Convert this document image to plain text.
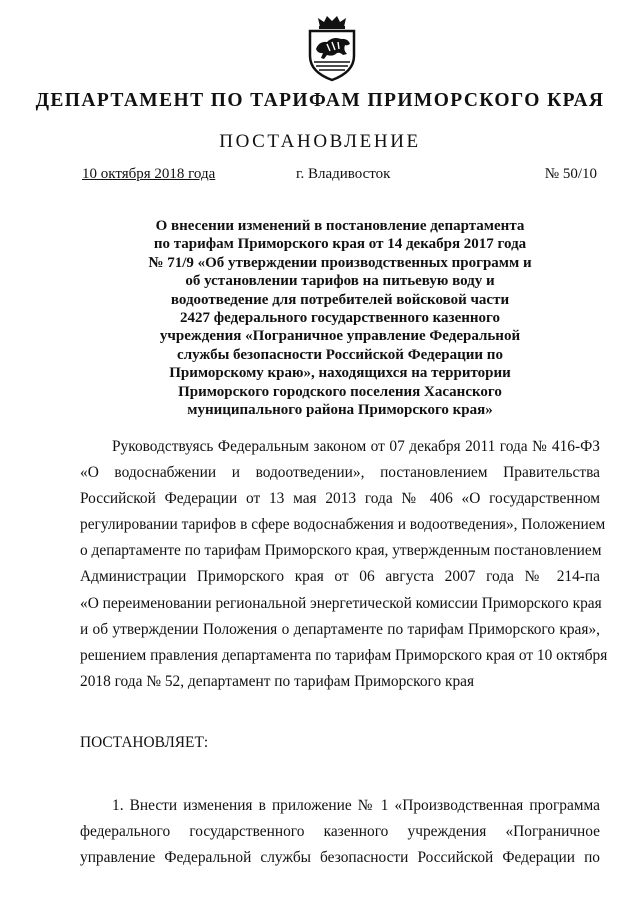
ДЕПАРТАМЕНТ ПО ТАРИФАМ ПРИМОРСКОГО КРАЯ
ПОСТАНОВЛЕНИЕ
10 октября 2018 года	г. Владивосток	№ 50/10
О внесении изменений в постановление департамента
по тарифам Приморского края от 14 декабря 2017 года
№ 71/9 «Об утверждении производственных программ и
об установлении тарифов на питьевую воду и
водоотведение для потребителей войсковой части
2427 федерального государственного казенного
учреждения «Пограничное управление Федеральной
службы безопасности Российской Федерации по
Приморскому краю», находящихся на территории
Приморского городского поселения Хасанского
муниципального района Приморского края»
Руководствуясь Федеральным законом от 07 декабря 2011 года № 416-ФЗ
«О водоснабжении и водоотведении», постановлением Правительства
Российской Федерации от 13 мая 2013 года № 406 «О государственном
регулировании тарифов в сфере водоснабжения и водоотведения», Положением
о департаменте по тарифам Приморского края, утвержденным постановлением
Администрации Приморского края от 06 августа 2007 года № 214-па
«О переименовании региональной энергетической комиссии Приморского края
и об утверждении Положения о департаменте по тарифам Приморского края»,
решением правления департамента по тарифам Приморского края от 10 октября
2018 года № 52, департамент по тарифам Приморского края
ПОСТАНОВЛЯЕТ:
1. Внести изменения в приложение № 1 «Производственная программа
федерального государственного казенного учреждения «Пограничное
управление Федеральной службы безопасности Российской Федерации по
